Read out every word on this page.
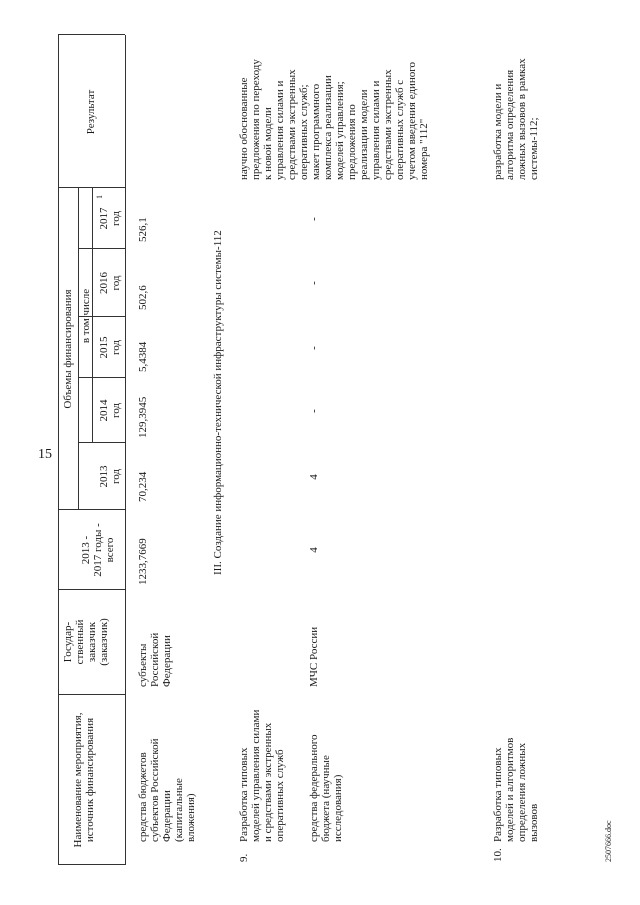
Наименование мероприятия, источник финансирования
Государ- ственный заказчик (заказчик)
2013 - 2017 годы - всего
Объемы финансирования в том числе
2013 год
2014 год
2015 год
2016 год
2017 год
1
Результат
средства бюджетов субъектов Российской Федерации (капитальные вложения)
субъекты Российской Федерации
1233,7669
70,234
129,3945
5,4384
502,6
526,1
III. Создание информационно-технической инфраструктуры системы-112
9.
Разработка типовых моделей управления силами и средствами экстренных оперативных служб
научно обоснованные предложения по переходу к новой модели управления силами и средствами экстренных оперативных служб; макет программного комплекса реализации моделей управления; предложения по реализации модели управления силами и средствами экстренных оперативных служб с учетом введения единого номера "112"
средства федерального бюджета (научные исследования)
МЧС России
4
4
-
-
-
-
10.
Разработка типовых моделей и алгоритмов определения ложных вызовов
разработка модели и алгоритма определения ложных вызовов в рамках системы-112;
15
2507666.doc
